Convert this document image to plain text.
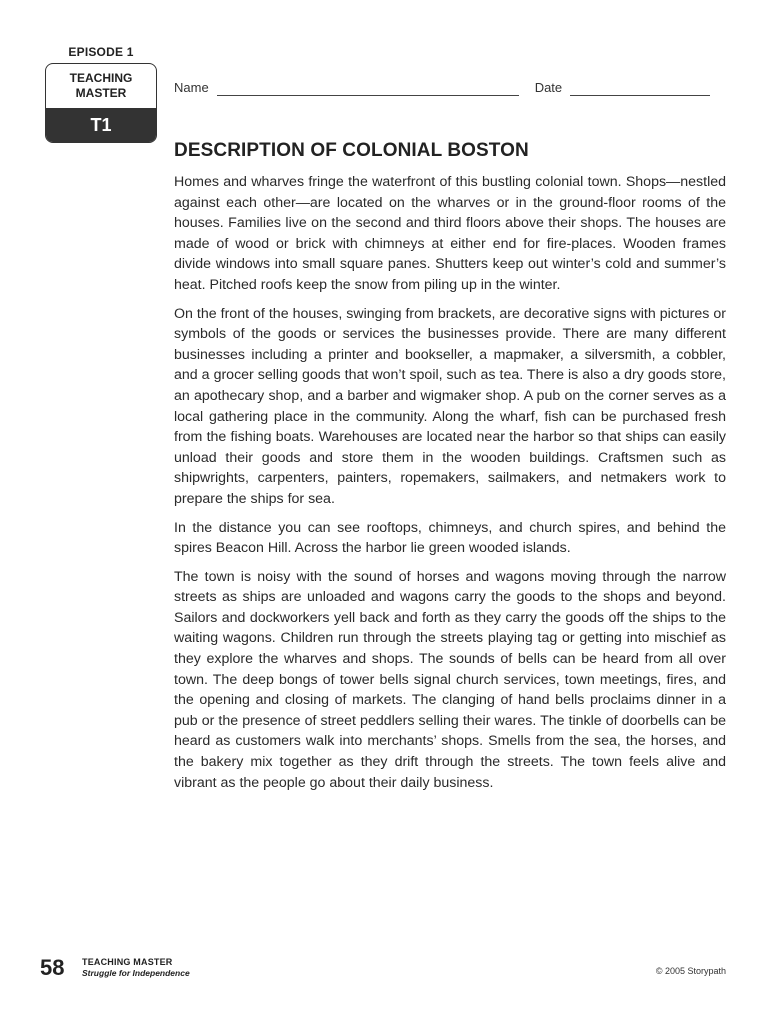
EPISODE 1
TEACHING
MASTER
T1
Name	Date
DESCRIPTION OF COLONIAL BOSTON

Homes and wharves fringe the waterfront of this bustling colonial town. Shops—nestled against each other—are located on the wharves or in the ground-floor rooms of the houses. Families live on the second and third floors above their shops. The houses are made of wood or brick with chimneys at either end for fire-places. Wooden frames divide windows into small square panes. Shutters keep out winter’s cold and summer’s heat. Pitched roofs keep the snow from piling up in the winter.

On the front of the houses, swinging from brackets, are decorative signs with pictures or symbols of the goods or services the businesses provide. There are many different businesses including a printer and bookseller, a mapmaker, a silversmith, a cobbler, and a grocer selling goods that won’t spoil, such as tea. There is also a dry goods store, an apothecary shop, and a barber and wigmaker shop. A pub on the corner serves as a local gathering place in the community. Along the wharf, fish can be purchased fresh from the fishing boats. Warehouses are located near the harbor so that ships can easily unload their goods and store them in the wooden buildings. Craftsmen such as shipwrights, carpenters, painters, ropemakers, sailmakers, and netmakers work to prepare the ships for sea.

In the distance you can see rooftops, chimneys, and church spires, and behind the spires Beacon Hill. Across the harbor lie green wooded islands.

The town is noisy with the sound of horses and wagons moving through the narrow streets as ships are unloaded and wagons carry the goods to the shops and beyond. Sailors and dockworkers yell back and forth as they carry the goods off the ships to the waiting wagons. Children run through the streets playing tag or getting into mischief as they explore the wharves and shops. The sounds of bells can be heard from all over town. The deep bongs of tower bells signal church services, town meetings, fires, and the opening and closing of markets. The clanging of hand bells proclaims dinner in a pub or the presence of street peddlers selling their wares. The tinkle of doorbells can be heard as customers walk into merchants’ shops. Smells from the sea, the horses, and the bakery mix together as they drift through the streets. The town feels alive and vibrant as the people go about their daily business.

58 TEACHING MASTER
Struggle for Independence	© 2005 Storypath
